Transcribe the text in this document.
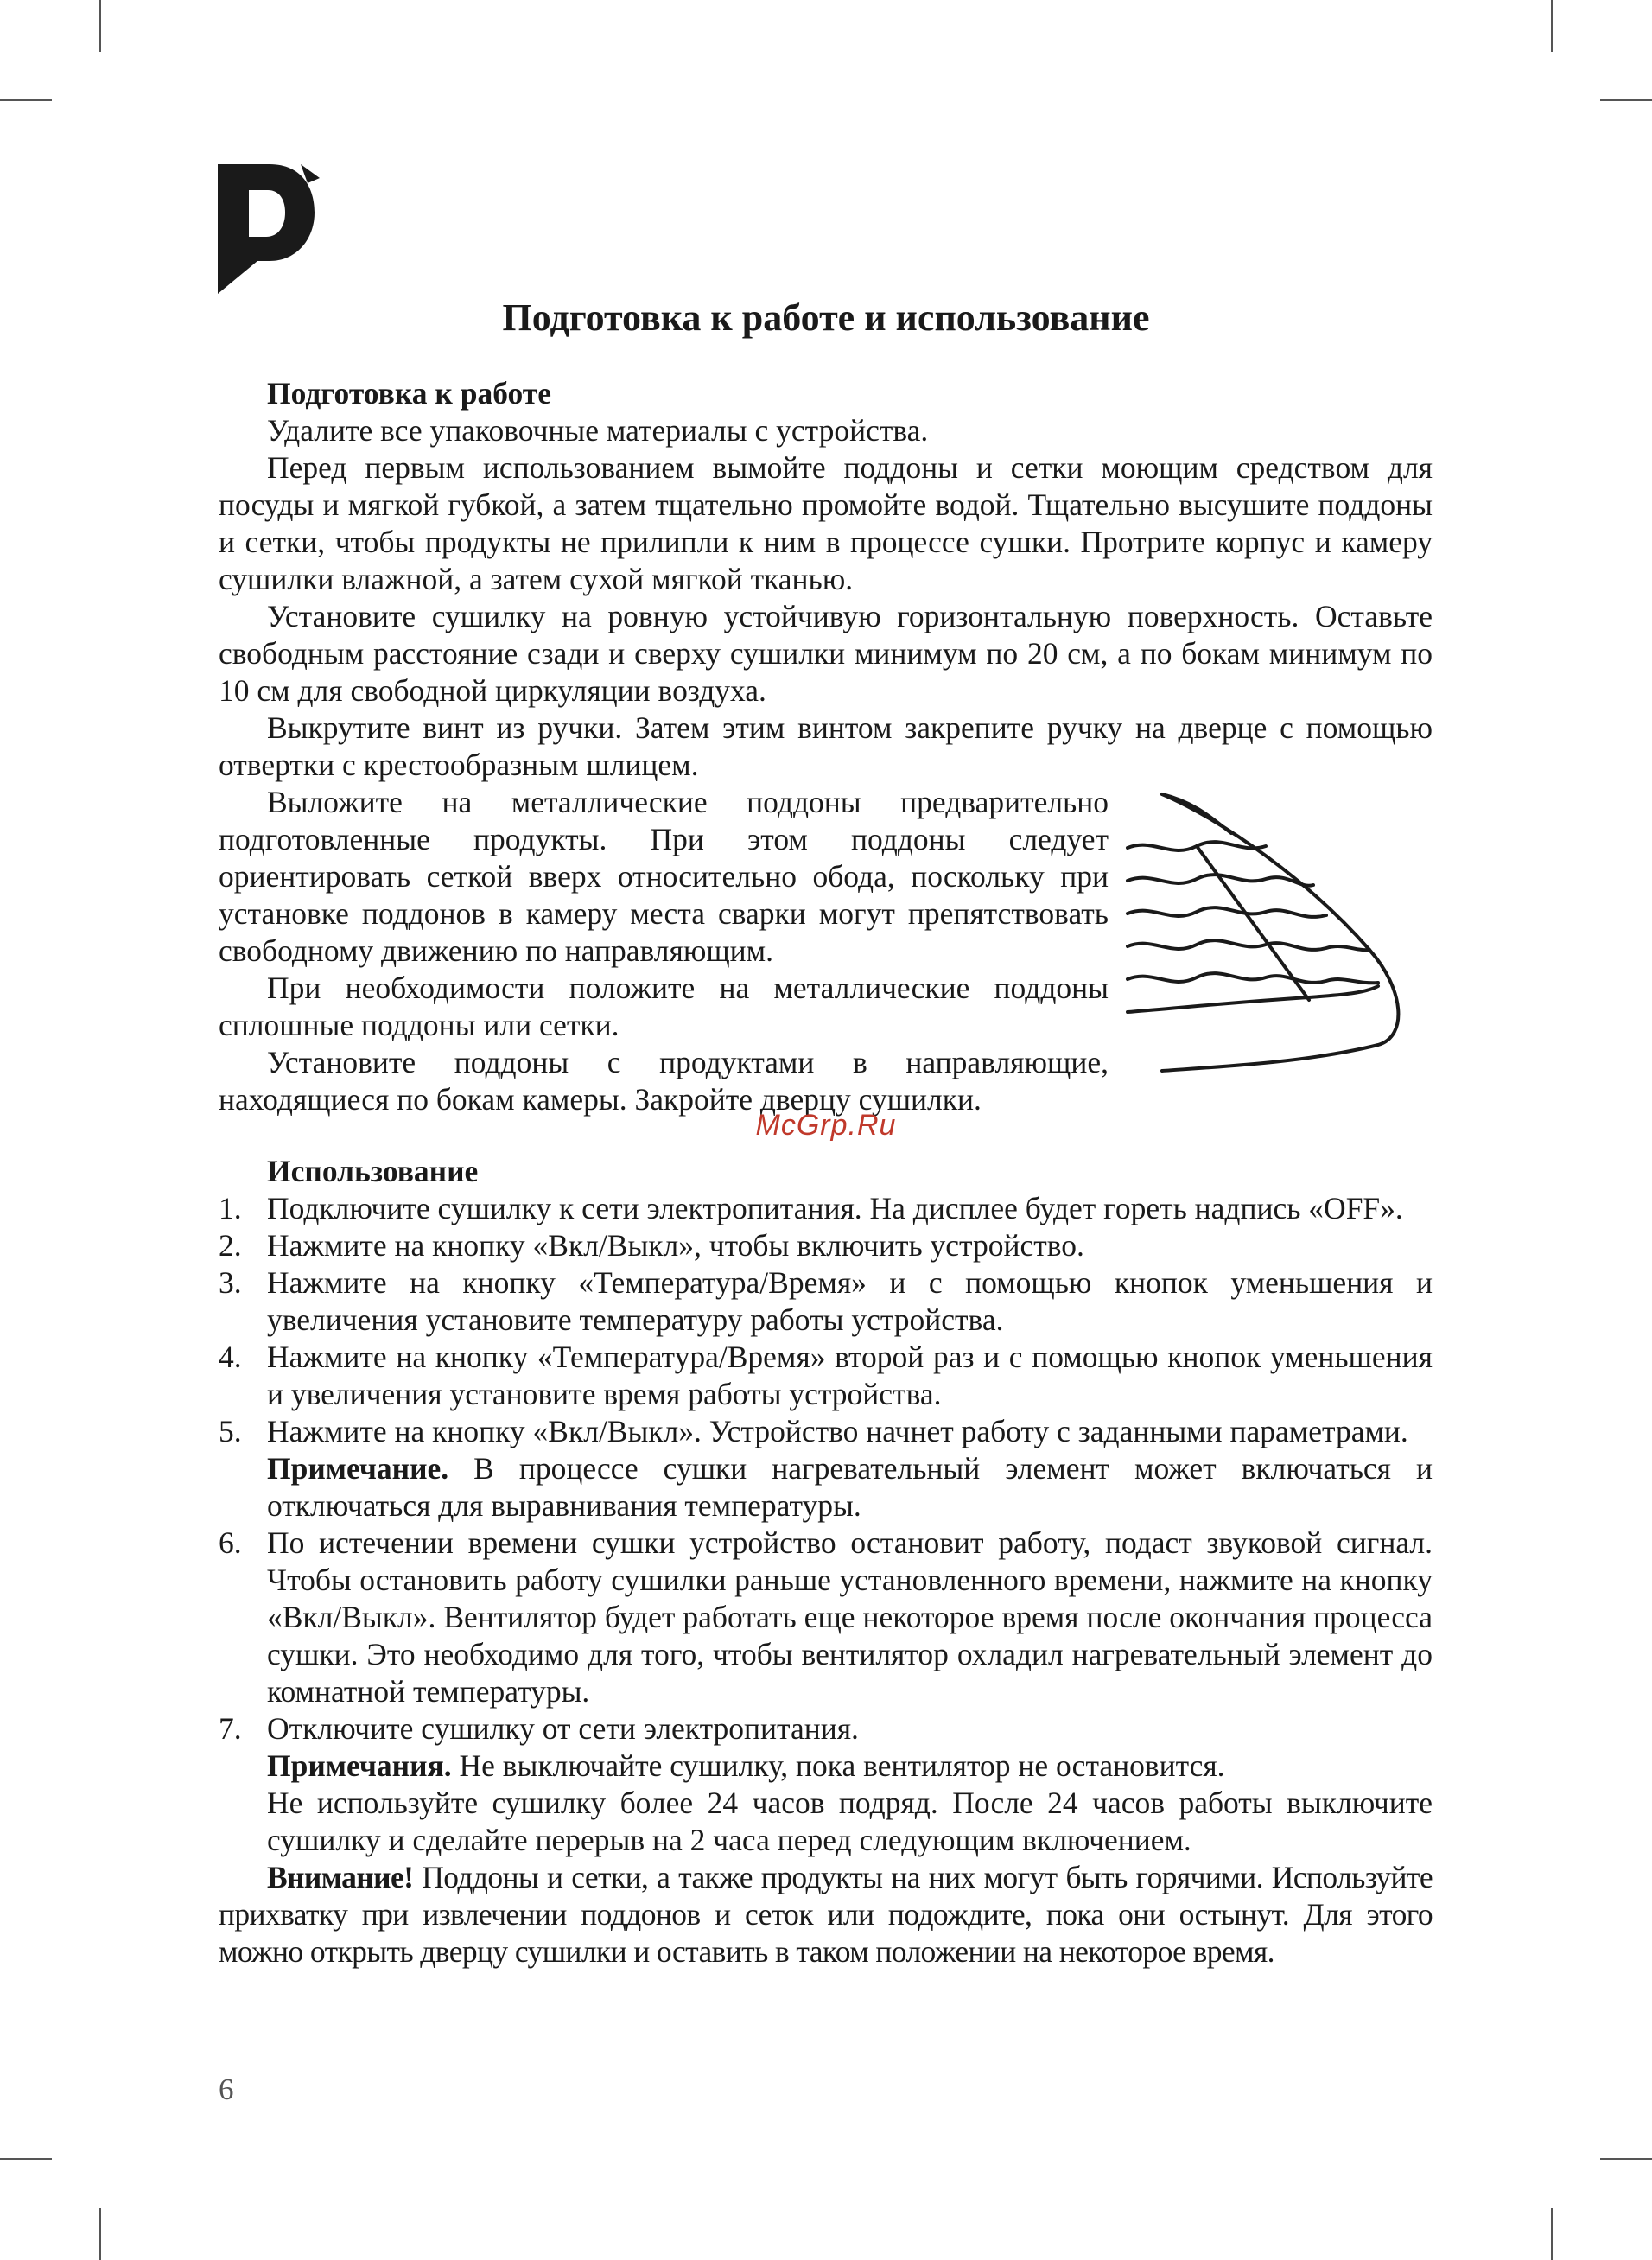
Подготовка к работе и использование
Подготовка к работе

Удалите все упаковочные материалы с устройства.

Перед первым использованием вымойте поддоны и сетки моющим средством для посуды и мягкой губкой, а затем тщательно промойте водой. Тщательно высушите поддоны и сетки, чтобы продукты не прилипли к ним в процессе сушки. Протрите корпус и камеру сушилки влажной, а затем сухой мягкой тканью.

Установите сушилку на ровную устойчивую горизонтальную поверхность. Оставьте свободным расстояние сзади и сверху сушилки минимум по 20 см, а по бокам минимум по 10 см для свободной циркуляции воздуха.

Выкрутите винт из ручки. Затем этим винтом закрепите ручку на дверце с помощью отвертки с крестообразным шлицем.

Выложите на металлические поддоны предварительно подготовленные продукты. При этом поддоны следует ориентировать сеткой вверх относительно обода, поскольку при установке поддонов в камеру места сварки могут препятствовать свободному движению по направляющим.

При необходимости положите на металлические поддоны сплошные поддоны или сетки.

Установите поддоны с продуктами в направляющие, находящиеся по бокам камеры. Закройте дверцу сушилки.

Использование
1. Подключите сушилку к сети электропитания. На дисплее будет гореть надпись «OFF».
2. Нажмите на кнопку «Вкл/Выкл», чтобы включить устройство.
3. Нажмите на кнопку «Температура/Время» и с помощью кнопок уменьшения и увеличения установите температуру работы устройства.
4. Нажмите на кнопку «Температура/Время» второй раз и с помощью кнопок уменьшения и увеличения установите время работы устройства.
5. Нажмите на кнопку «Вкл/Выкл». Устройство начнет работу с заданными параметрами.
Примечание. В процессе сушки нагревательный элемент может включаться и отключаться для выравнивания температуры.
6. По истечении времени сушки устройство остановит работу, подаст звуковой сигнал. Чтобы остановить работу сушилки раньше установленного времени, нажмите на кнопку «Вкл/Выкл». Вентилятор будет работать еще некоторое время после окончания процесса сушки. Это необходимо для того, чтобы вентилятор охладил нагревательный элемент до комнатной температуры.
7. Отключите сушилку от сети электропитания.
Примечания. Не выключайте сушилку, пока вентилятор не остановится.
Не используйте сушилку более 24 часов подряд. После 24 часов работы выключите сушилку и сделайте перерыв на 2 часа перед следующим включением.

Внимание! Поддоны и сетки, а также продукты на них могут быть горячими. Используйте прихватку при извлечении поддонов и сеток или подождите, пока они остынут. Для этого можно открыть дверцу сушилки и оставить в таком положении на некоторое время.

McGrp.Ru
6
